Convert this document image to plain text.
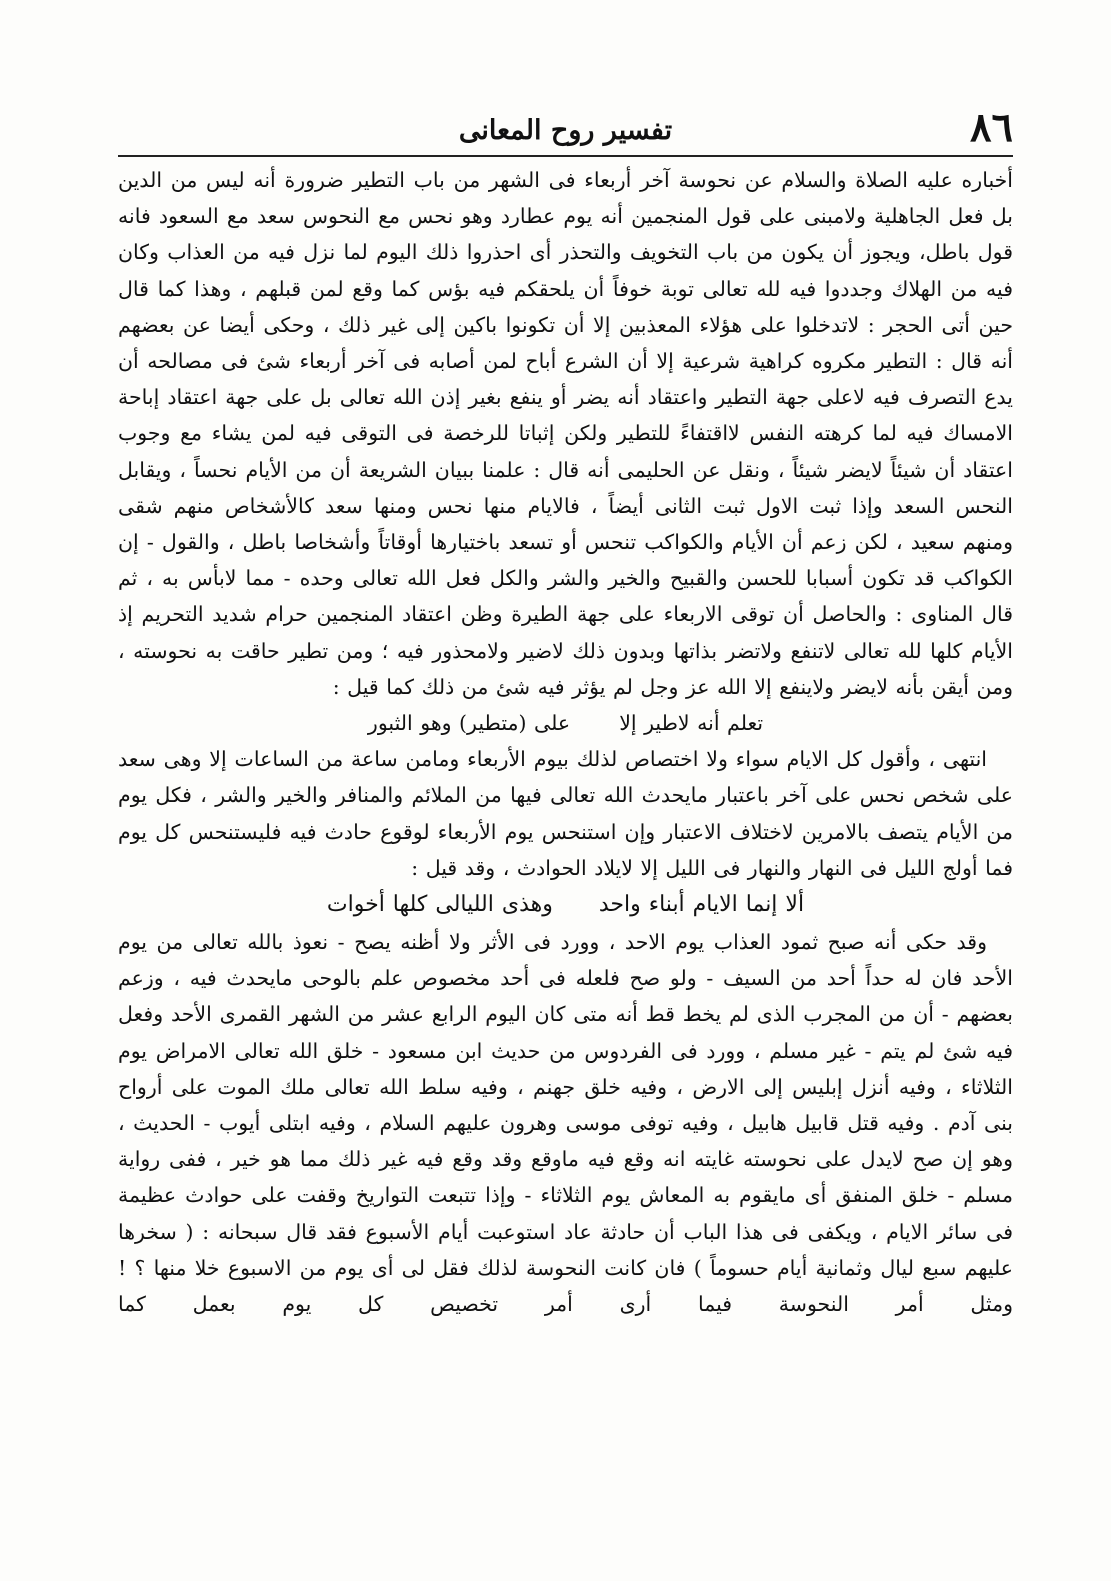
٨٦
تفسير روح المعانى

أخباره عليه الصلاة والسلام عن نحوسة آخر أربعاء فى الشهر من باب التطير ضرورة أنه ليس من الدين بل فعل الجاهلية ولامبنى على قول المنجمين أنه يوم عطارد وهو نحس مع النحوس سعد مع السعود فانه قول باطل، ويجوز أن يكون من باب التخويف والتحذر أى احذروا ذلك اليوم لما نزل فيه من العذاب وكان فيه من الهلاك وجددوا فيه لله تعالى توبة خوفاً أن يلحقكم فيه بؤس كما وقع لمن قبلهم ، وهذا كما قال حين أتى الحجر : لاتدخلوا على هؤلاء المعذبين إلا أن تكونوا باكين إلى غير ذلك ، وحكى أيضا عن بعضهم أنه قال : التطير مكروه كراهية شرعية إلا أن الشرع أباح لمن أصابه فى آخر أربعاء شئ فى مصالحه أن يدع التصرف فيه لاعلى جهة التطير واعتقاد أنه يضر أو ينفع بغير إذن الله تعالى بل على جهة اعتقاد إباحة الامساك فيه لما كرهته النفس لااقتفاءً للتطير ولكن إثباتا للرخصة فى التوقى فيه لمن يشاء مع وجوب اعتقاد أن شيئاً لايضر شيئاً ، ونقل عن الحليمى أنه قال : علمنا ببيان الشريعة أن من الأيام نحساً ، ويقابل النحس السعد وإذا ثبت الاول ثبت الثانى أيضاً ، فالايام منها نحس ومنها سعد كالأشخاص منهم شقى ومنهم سعيد ، لكن زعم أن الأيام والكواكب تنحس أو تسعد باختيارها أوقاتاً وأشخاصا باطل ، والقول - إن الكواكب قد تكون أسبابا للحسن والقبيح والخير والشر والكل فعل الله تعالى وحده - مما لابأس به ، ثم قال المناوى : والحاصل أن توقى الاربعاء على جهة الطيرة وظن اعتقاد المنجمين حرام شديد التحريم إذ الأيام كلها لله تعالى لاتنفع ولاتضر بذاتها وبدون ذلك لاضير ولامحذور فيه ؛ ومن تطير حاقت به نحوسته ، ومن أيقن بأنه لايضر ولاينفع إلا الله عز وجل لم يؤثر فيه شئ من ذلك كما قيل :

تعلم أنه لاطير إلا  على (متطير) وهو الثبور

انتهى ، وأقول كل الايام سواء ولا اختصاص لذلك بيوم الأربعاء ومامن ساعة من الساعات إلا وهى سعد على شخص نحس على آخر باعتبار مايحدث الله تعالى فيها من الملائم والمنافر والخير والشر ، فكل يوم من الأيام يتصف بالامرين لاختلاف الاعتبار وإن استنحس يوم الأربعاء لوقوع حادث فيه فليستنحس كل يوم فما أولج الليل فى النهار والنهار فى الليل إلا لايلاد الحوادث ، وقد قيل :

ألا إنما الايام أبناء واحد  وهذى الليالى كلها أخوات

وقد حكى أنه صبح ثمود العذاب يوم الاحد ، وورد فى الأثر ولا أظنه يصح - نعوذ بالله تعالى من يوم الأحد فان له حداً أحد من السيف - ولو صح فلعله فى أحد مخصوص علم بالوحى مايحدث فيه ، وزعم بعضهم - أن من المجرب الذى لم يخط قط أنه متى كان اليوم الرابع عشر من الشهر القمرى الأحد وفعل فيه شئ لم يتم - غير مسلم ، وورد فى الفردوس من حديث ابن مسعود - خلق الله تعالى الامراض يوم الثلاثاء ، وفيه أنزل إبليس إلى الارض ، وفيه خلق جهنم ، وفيه سلط الله تعالى ملك الموت على أرواح بنى آدم . وفيه قتل قابيل هابيل ، وفيه توفى موسى وهرون عليهم السلام ، وفيه ابتلى أيوب - الحديث ، وهو إن صح لايدل على نحوسته غايته انه وقع فيه ماوقع وقد وقع فيه غير ذلك مما هو خير ، ففى رواية مسلم - خلق المنفق أى مايقوم به المعاش يوم الثلاثاء - وإذا تتبعت التواريخ وقفت على حوادث عظيمة فى سائر الايام ، ويكفى فى هذا الباب أن حادثة عاد استوعبت أيام الأسبوع فقد قال سبحانه : ( سخرها عليهم سبع ليال وثمانية أيام حسوماً ) فان كانت النحوسة لذلك فقل لى أى يوم من الاسبوع خلا منها ؟ ! ومثل أمر النحوسة فيما أرى أمر تخصيص كل يوم بعمل كما
